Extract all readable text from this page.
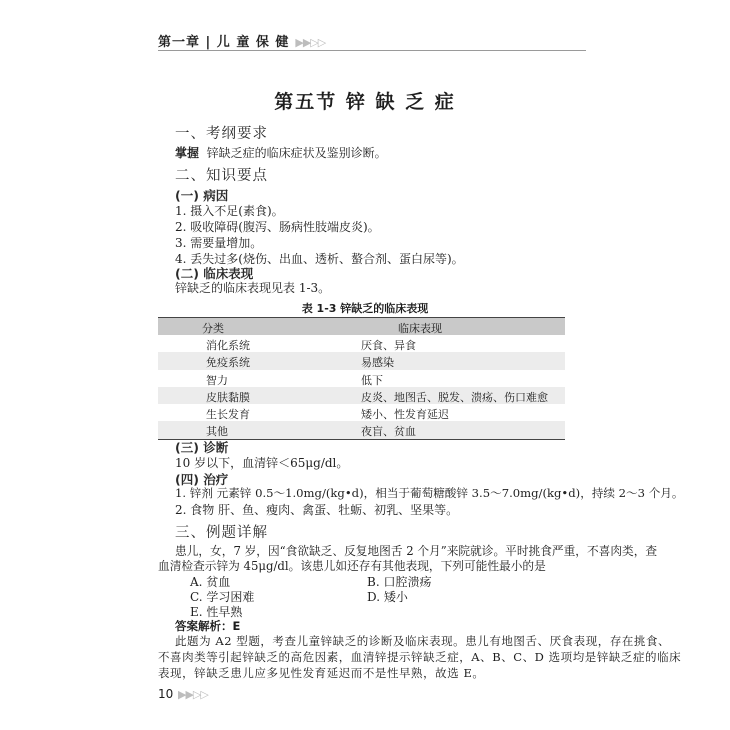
第一章 | 儿 童 保 健 ▶▶▷▷
第五节 锌 缺 乏 症
一、考纲要求
掌握 锌缺乏症的临床症状及鉴别诊断。
二、知识要点
(一) 病因
1. 摄入不足(素食)。
2. 吸收障碍(腹泻、肠病性肢端皮炎)。
3. 需要量增加。
4. 丢失过多(烧伤、出血、透析、螯合剂、蛋白尿等)。
(二) 临床表现
锌缺乏的临床表现见表 1-3。
表 1-3 锌缺乏的临床表现
分类	临床表现
消化系统	厌食、异食
免疫系统	易感染
智力	低下
皮肤黏膜	皮炎、地图舌、脱发、溃疡、伤口难愈
生长发育	矮小、性发育延迟
其他	夜盲、贫血
(三) 诊断
10 岁以下，血清锌＜65μg/dl。
(四) 治疗
1. 锌剂 元素锌 0.5～1.0mg/(kg•d)，相当于葡萄糖酸锌 3.5～7.0mg/(kg•d)，持续 2～3 个月。
2. 食物 肝、鱼、瘦肉、禽蛋、牡蛎、初乳、坚果等。
三、例题详解
患儿，女，7 岁，因“食欲缺乏、反复地图舌 2 个月”来院就诊。平时挑食严重，不喜肉类，查
血清检查示锌为 45μg/dl。该患儿如还存有其他表现，下列可能性最小的是
A. 贫血	B. 口腔溃疡
C. 学习困难	D. 矮小
E. 性早熟
答案解析：E
此题为 A2 型题，考查儿童锌缺乏的诊断及临床表现。患儿有地图舌、厌食表现，存在挑食、
不喜肉类等引起锌缺乏的高危因素，血清锌提示锌缺乏症，A、B、C、D 选项均是锌缺乏症的临床
表现，锌缺乏患儿应多见性发育延迟而不是性早熟，故选 E。
10 ▶▶▷▷
